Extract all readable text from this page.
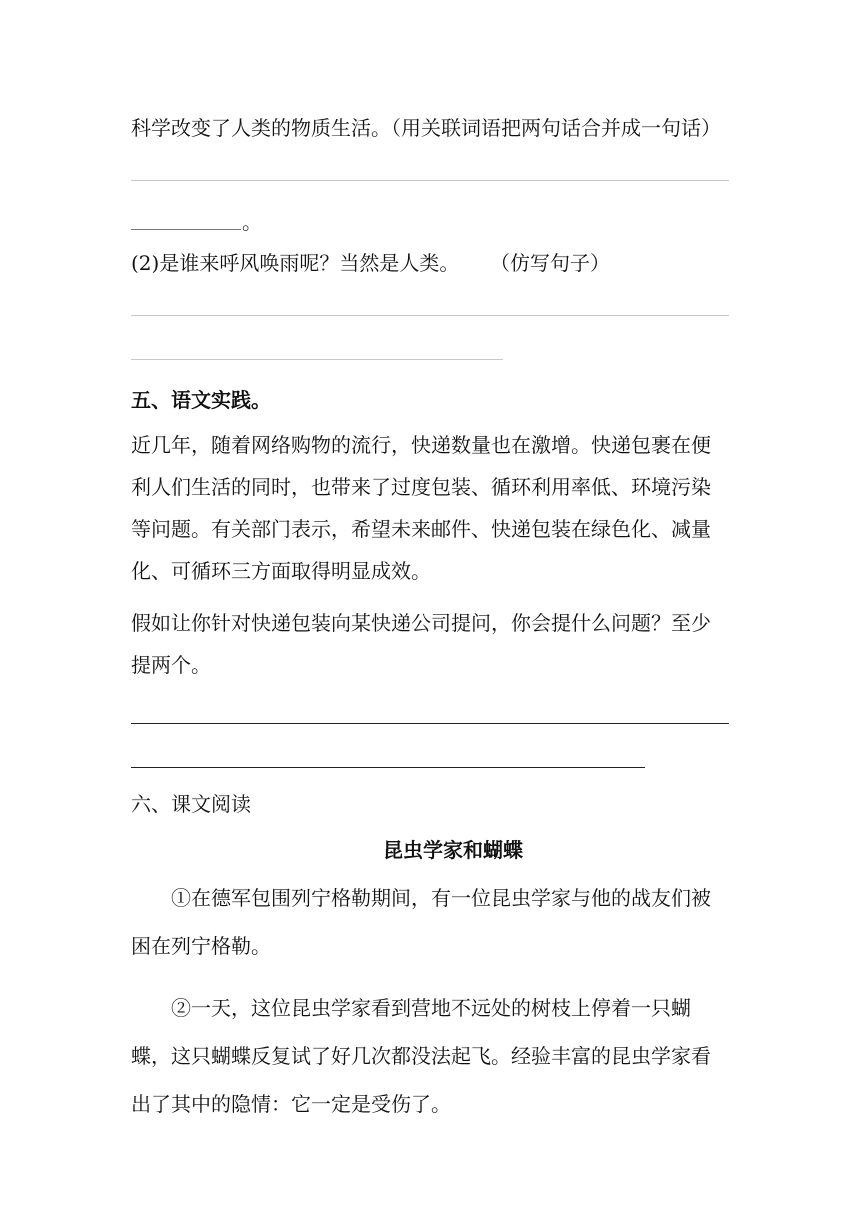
科学改变了人类的物质生活。（用关联词语把两句话合并成一句话）
。
(2)是谁来呼风唤雨呢？当然是人类。 （仿写句子）
五、语文实践。
近几年，随着网络购物的流行，快递数量也在激增。快递包裹在便利人们生活的同时，也带来了过度包装、循环利用率低、环境污染等问题。有关部门表示，希望未来邮件、快递包装在绿色化、减量化、可循环三方面取得明显成效。
假如让你针对快递包装向某快递公司提问，你会提什么问题？至少提两个。
六、课文阅读
昆虫学家和蝴蝶
①在德军包围列宁格勒期间，有一位昆虫学家与他的战友们被困在列宁格勒。
②一天，这位昆虫学家看到营地不远处的树枝上停着一只蝴蝶，这只蝴蝶反复试了好几次都没法起飞。经验丰富的昆虫学家看出了其中的隐情：它一定是受伤了。
